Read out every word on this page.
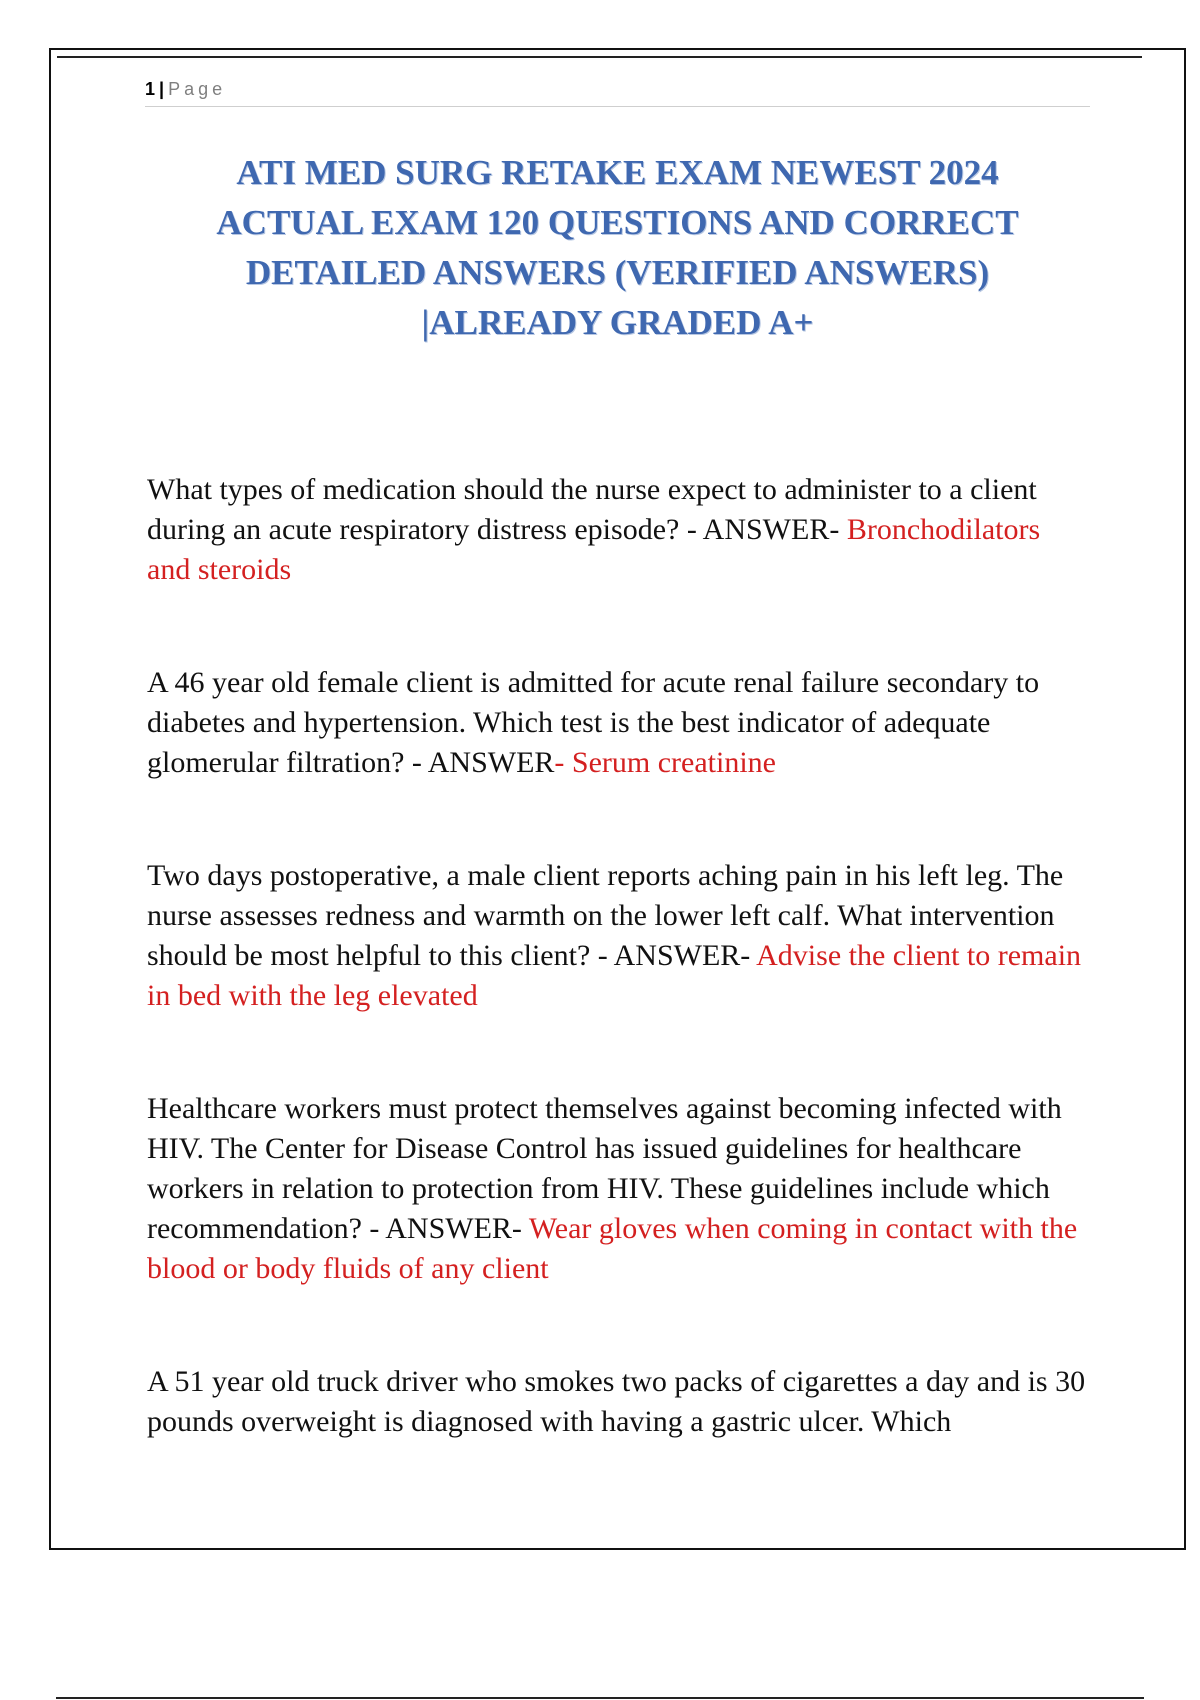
1 | Page
ATI MED SURG RETAKE EXAM NEWEST 2024 ACTUAL EXAM 120 QUESTIONS AND CORRECT DETAILED ANSWERS (VERIFIED ANSWERS) |ALREADY GRADED A+

What types of medication should the nurse expect to administer to a client during an acute respiratory distress episode? - ANSWER- Bronchodilators and steroids

A 46 year old female client is admitted for acute renal failure secondary to diabetes and hypertension. Which test is the best indicator of adequate glomerular filtration? - ANSWER- Serum creatinine

Two days postoperative, a male client reports aching pain in his left leg. The nurse assesses redness and warmth on the lower left calf. What intervention should be most helpful to this client? - ANSWER- Advise the client to remain in bed with the leg elevated

Healthcare workers must protect themselves against becoming infected with HIV. The Center for Disease Control has issued guidelines for healthcare workers in relation to protection from HIV. These guidelines include which recommendation? - ANSWER- Wear gloves when coming in contact with the blood or body fluids of any client

A 51 year old truck driver who smokes two packs of cigarettes a day and is 30 pounds overweight is diagnosed with having a gastric ulcer. Which
